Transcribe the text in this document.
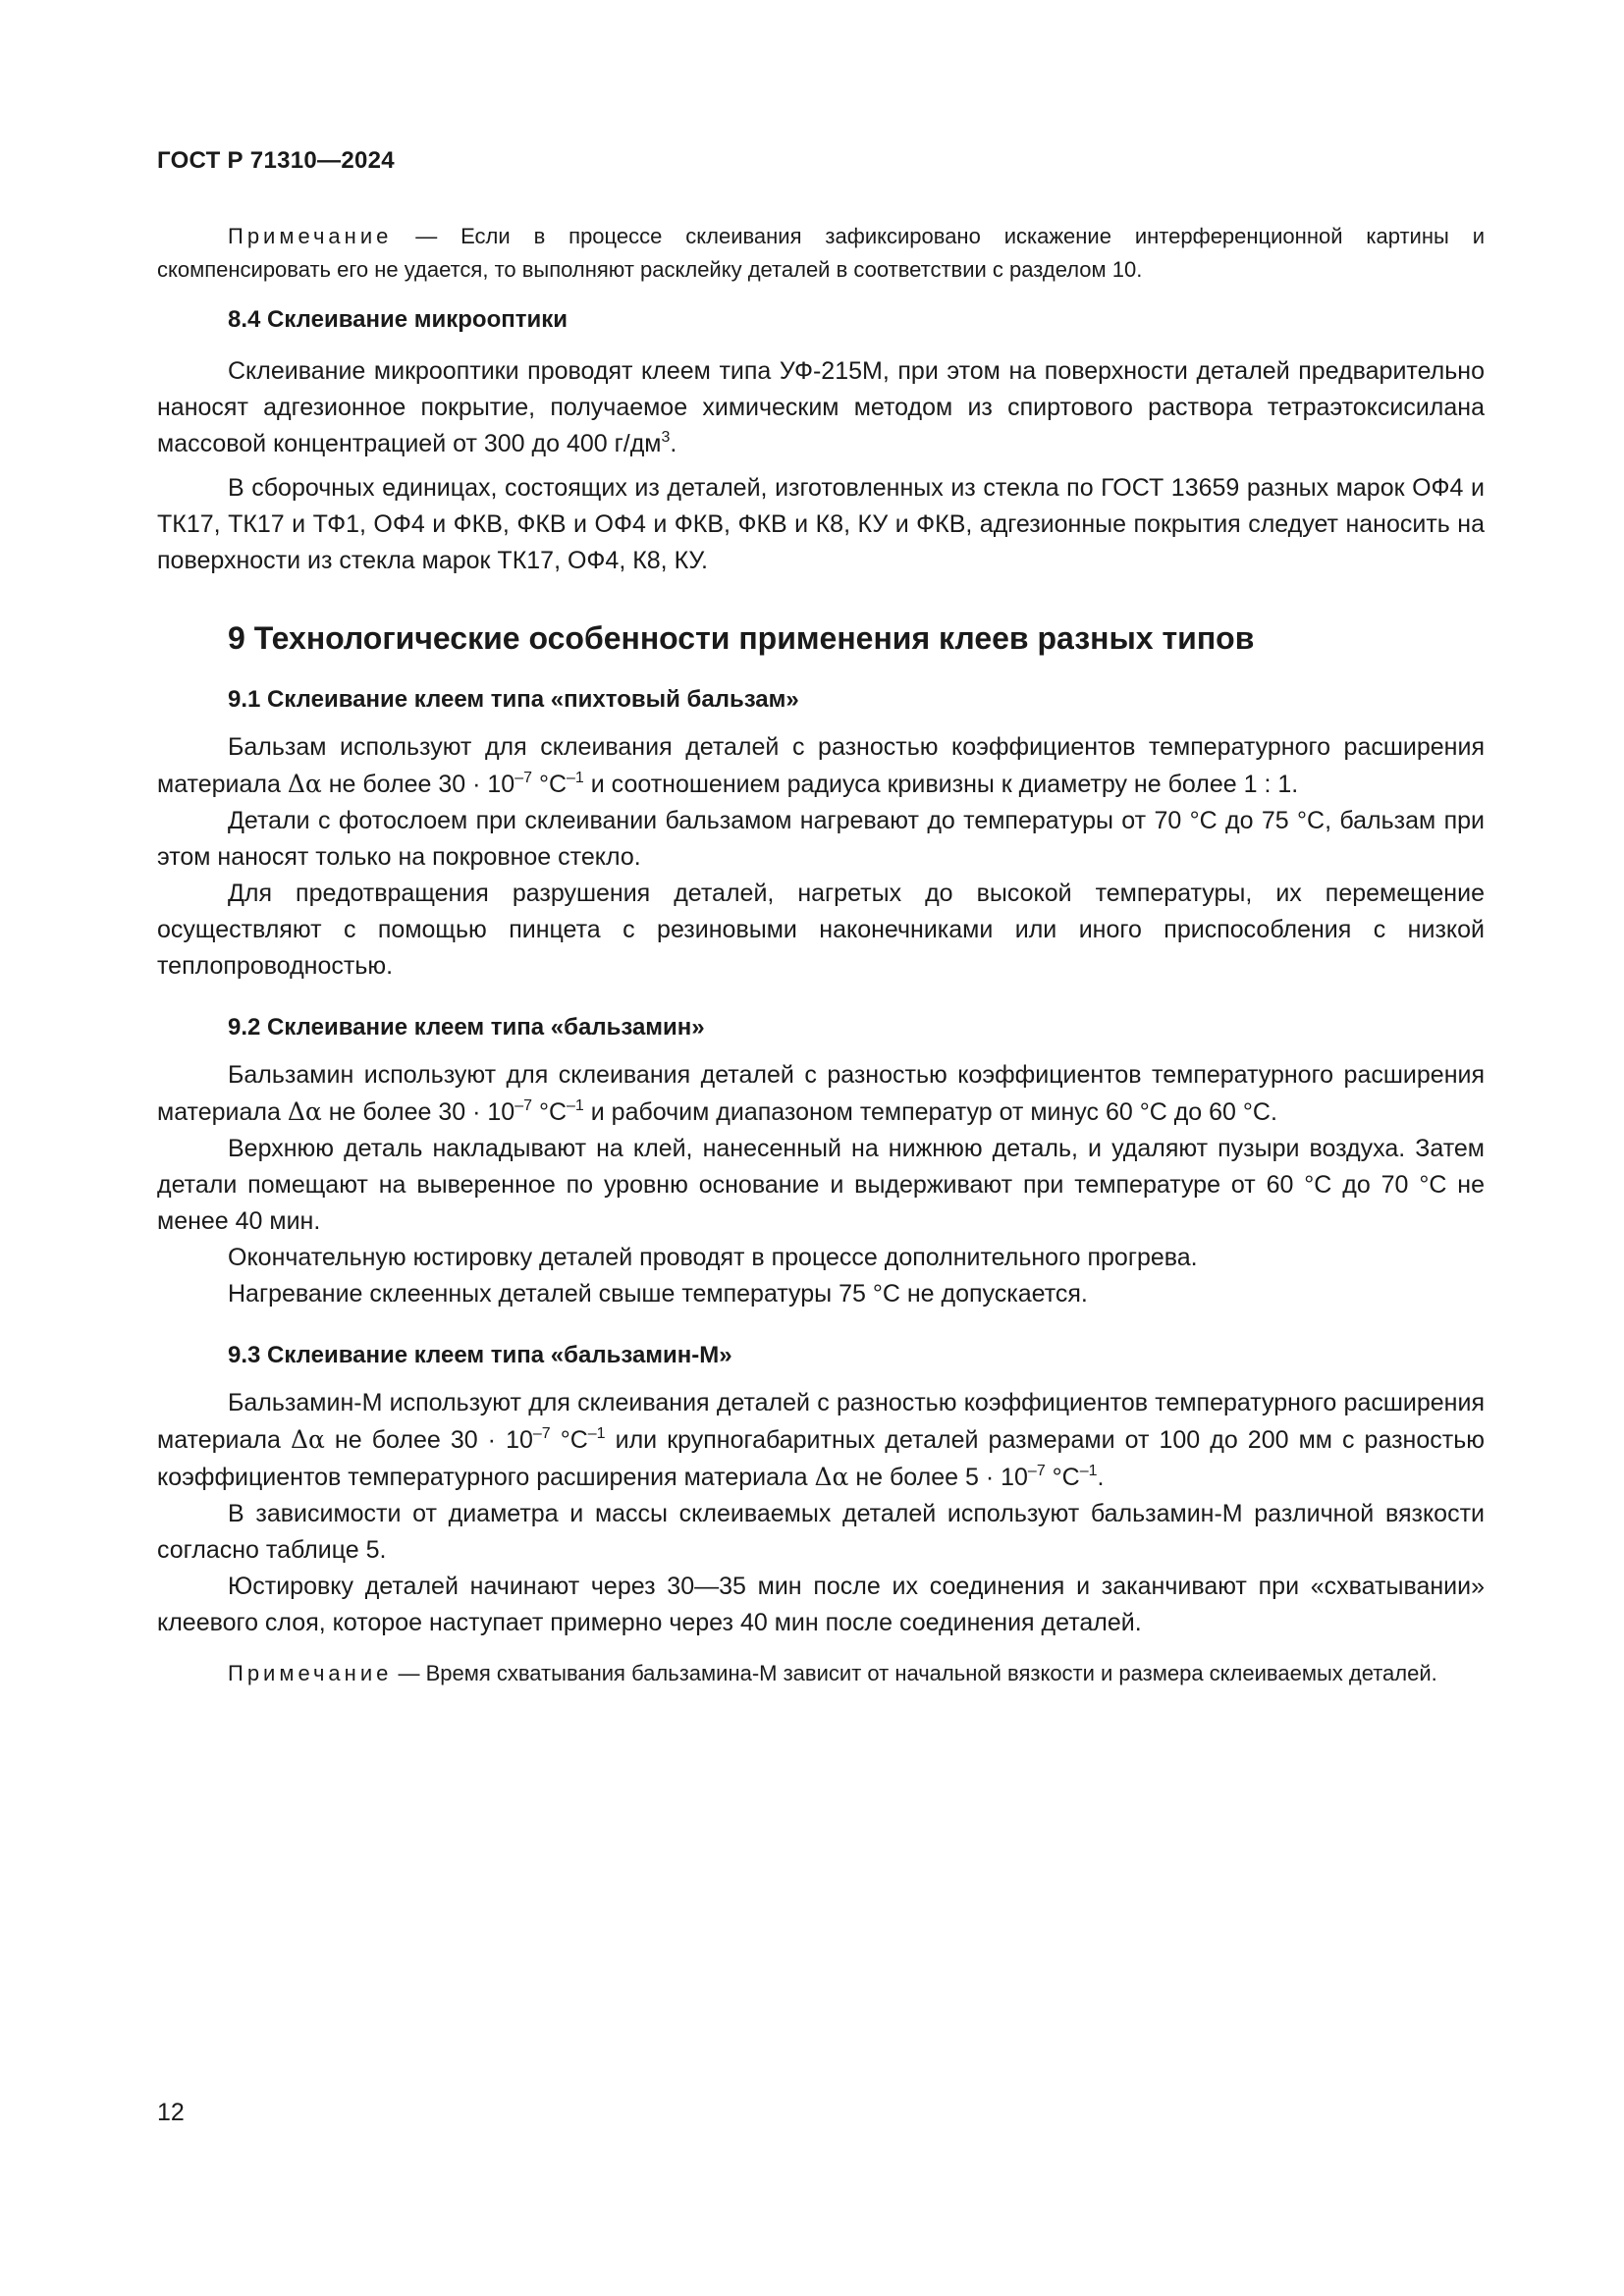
ГОСТ Р 71310—2024

Примечание — Если в процессе склеивания зафиксировано искажение интерференционной картины и скомпенсировать его не удается, то выполняют расклейку деталей в соответствии с разделом 10.

8.4 Склеивание микрооптики

Склеивание микрооптики проводят клеем типа УФ-215М, при этом на поверхности деталей предварительно наносят адгезионное покрытие, получаемое химическим методом из спиртового раствора тетраэтоксисилана массовой концентрацией от 300 до 400 $г/дм^3$.

В сборочных единицах, состоящих из деталей, изготовленных из стекла по ГОСТ 13659 разных марок ОФ4 и ТК17, ТК17 и ТФ1, ОФ4 и ФКВ, ФКВ и ОФ4 и ФКВ, ФКВ и К8, КУ и ФКВ, адгезионные покрытия следует наносить на поверхности из стекла марок ТК17, ОФ4, К8, КУ.

9 Технологические особенности применения клеев разных типов
9.1 Склеивание клеем типа «пихтовый бальзам»

Бальзам используют для склеивания деталей с разностью коэффициентов температурного расширения материала Δα не более $30 \cdot 10^{-7}$ $^\circ С^{-1}$ и соотношением радиуса кривизны к диаметру не более 1 : 1.

Детали с фотослоем при склеивании бальзамом нагревают до температуры от 70 °С до 75 °С, бальзам при этом наносят только на покровное стекло.

Для предотвращения разрушения деталей, нагретых до высокой температуры, их перемещение осуществляют с помощью пинцета с резиновыми наконечниками или иного приспособления с низкой теплопроводностью.

9.2 Склеивание клеем типа «бальзамин»

Бальзамин используют для склеивания деталей с разностью коэффициентов температурного расширения материала Δα не более $30 \cdot 10^{-7}$ $^\circ С^{-1}$ и рабочим диапазоном температур от минус 60 °С до 60 °С.

Верхнюю деталь накладывают на клей, нанесенный на нижнюю деталь, и удаляют пузыри воздуха. Затем детали помещают на выверенное по уровню основание и выдерживают при температуре от 60 °С до 70 °С не менее 40 мин.

Окончательную юстировку деталей проводят в процессе дополнительного прогрева.

Нагревание склеенных деталей свыше температуры 75 °С не допускается.

9.3 Склеивание клеем типа «бальзамин-М»

Бальзамин-М используют для склеивания деталей с разностью коэффициентов температурного расширения материала Δα не более $30 \cdot 10^{-7}$ $^\circ С^{-1}$ или крупногабаритных деталей размерами от 100 до 200 мм с разностью коэффициентов температурного расширения материала Δα не более $5 \cdot 10^{-7}$ $^\circ С^{-1}$.

В зависимости от диаметра и массы склеиваемых деталей используют бальзамин-М различной вязкости согласно таблице 5.

Юстировку деталей начинают через 30—35 мин после их соединения и заканчивают при «схватывании» клеевого слоя, которое наступает примерно через 40 мин после соединения деталей.

Примечание — Время схватывания бальзамина-М зависит от начальной вязкости и размера склеиваемых деталей.

12
